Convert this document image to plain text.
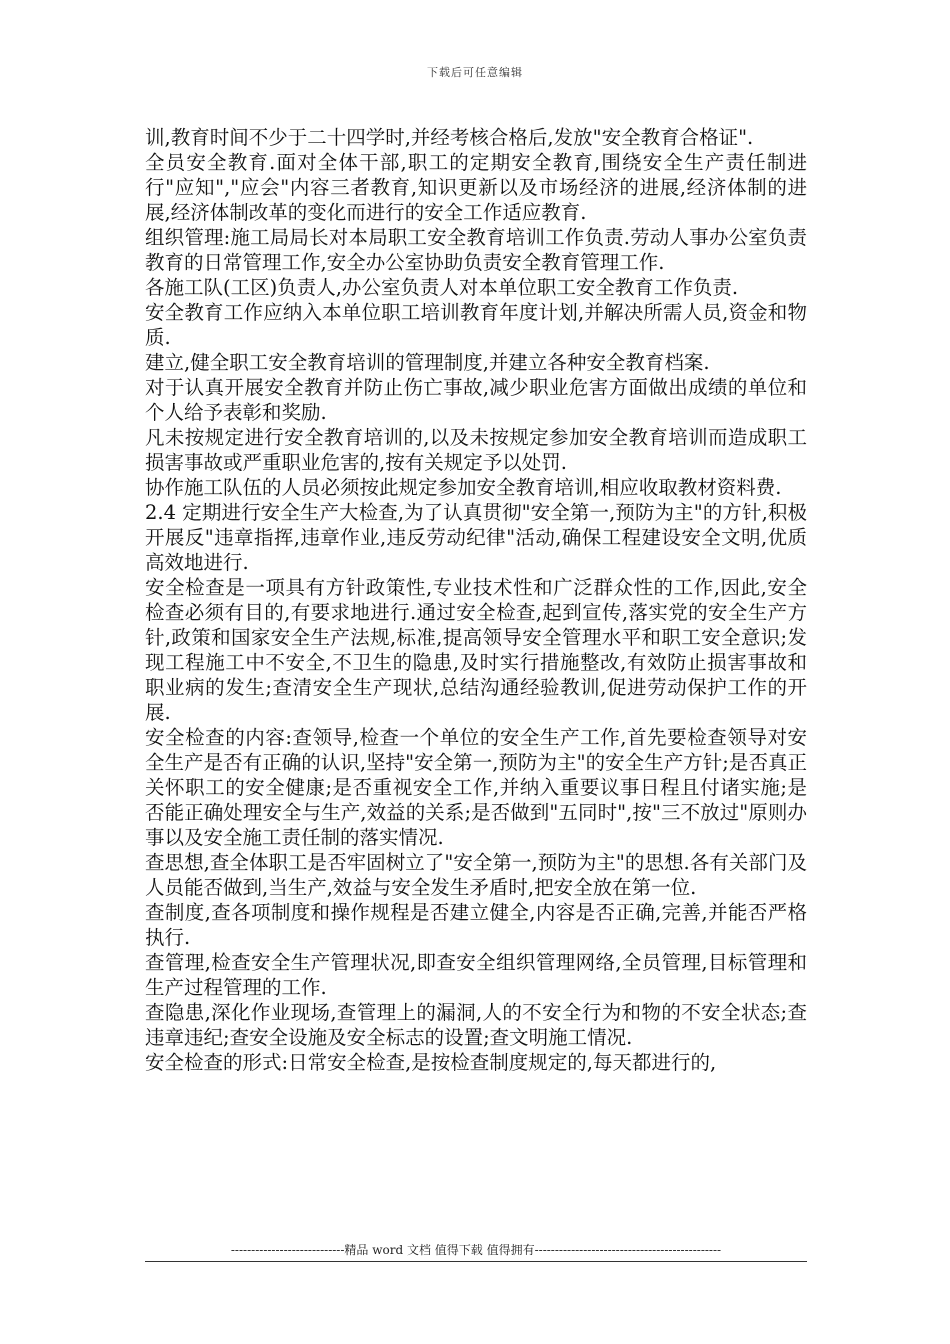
下载后可任意编辑

训,教育时间不少于二十四学时,并经考核合格后,发放"安全教育合格证".

全员安全教育.面对全体干部,职工的定期安全教育,围绕安全生产责任制进行"应知","应会"内容三者教育,知识更新以及市场经济的进展,经济体制的进展,经济体制改革的变化而进行的安全工作适应教育.

组织管理:施工局局长对本局职工安全教育培训工作负责.劳动人事办公室负责教育的日常管理工作,安全办公室协助负责安全教育管理工作.

各施工队(工区)负责人,办公室负责人对本单位职工安全教育工作负责.

安全教育工作应纳入本单位职工培训教育年度计划,并解决所需人员,资金和物质.

建立,健全职工安全教育培训的管理制度,并建立各种安全教育档案.

对于认真开展安全教育并防止伤亡事故,减少职业危害方面做出成绩的单位和个人给予表彰和奖励.

凡未按规定进行安全教育培训的,以及未按规定参加安全教育培训而造成职工损害事故或严重职业危害的,按有关规定予以处罚.

协作施工队伍的人员必须按此规定参加安全教育培训,相应收取教材资料费.

2.4 定期进行安全生产大检查,为了认真贯彻"安全第一,预防为主"的方针,积极开展反"违章指挥,违章作业,违反劳动纪律"活动,确保工程建设安全文明,优质高效地进行.

安全检查是一项具有方针政策性,专业技术性和广泛群众性的工作,因此,安全检查必须有目的,有要求地进行.通过安全检查,起到宣传,落实党的安全生产方针,政策和国家安全生产法规,标准,提高领导安全管理水平和职工安全意识;发现工程施工中不安全,不卫生的隐患,及时实行措施整改,有效防止损害事故和职业病的发生;查清安全生产现状,总结沟通经验教训,促进劳动保护工作的开展.

安全检查的内容:查领导,检查一个单位的安全生产工作,首先要检查领导对安全生产是否有正确的认识,坚持"安全第一,预防为主"的安全生产方针;是否真正关怀职工的安全健康;是否重视安全工作,并纳入重要议事日程且付诸实施;是否能正确处理安全与生产,效益的关系;是否做到"五同时",按"三不放过"原则办事以及安全施工责任制的落实情况.

查思想,查全体职工是否牢固树立了"安全第一,预防为主"的思想.各有关部门及人员能否做到,当生产,效益与安全发生矛盾时,把安全放在第一位.

查制度,查各项制度和操作规程是否建立健全,内容是否正确,完善,并能否严格执行.

查管理,检查安全生产管理状况,即查安全组织管理网络,全员管理,目标管理和生产过程管理的工作.

查隐患,深化作业现场,查管理上的漏洞,人的不安全行为和物的不安全状态;查违章违纪;查安全设施及安全标志的设置;查文明施工情况.

安全检查的形式:日常安全检查,是按检查制度规定的,每天都进行的,

----------------------------精品 word 文档 值得下载 值得拥有----------------------------------------------
